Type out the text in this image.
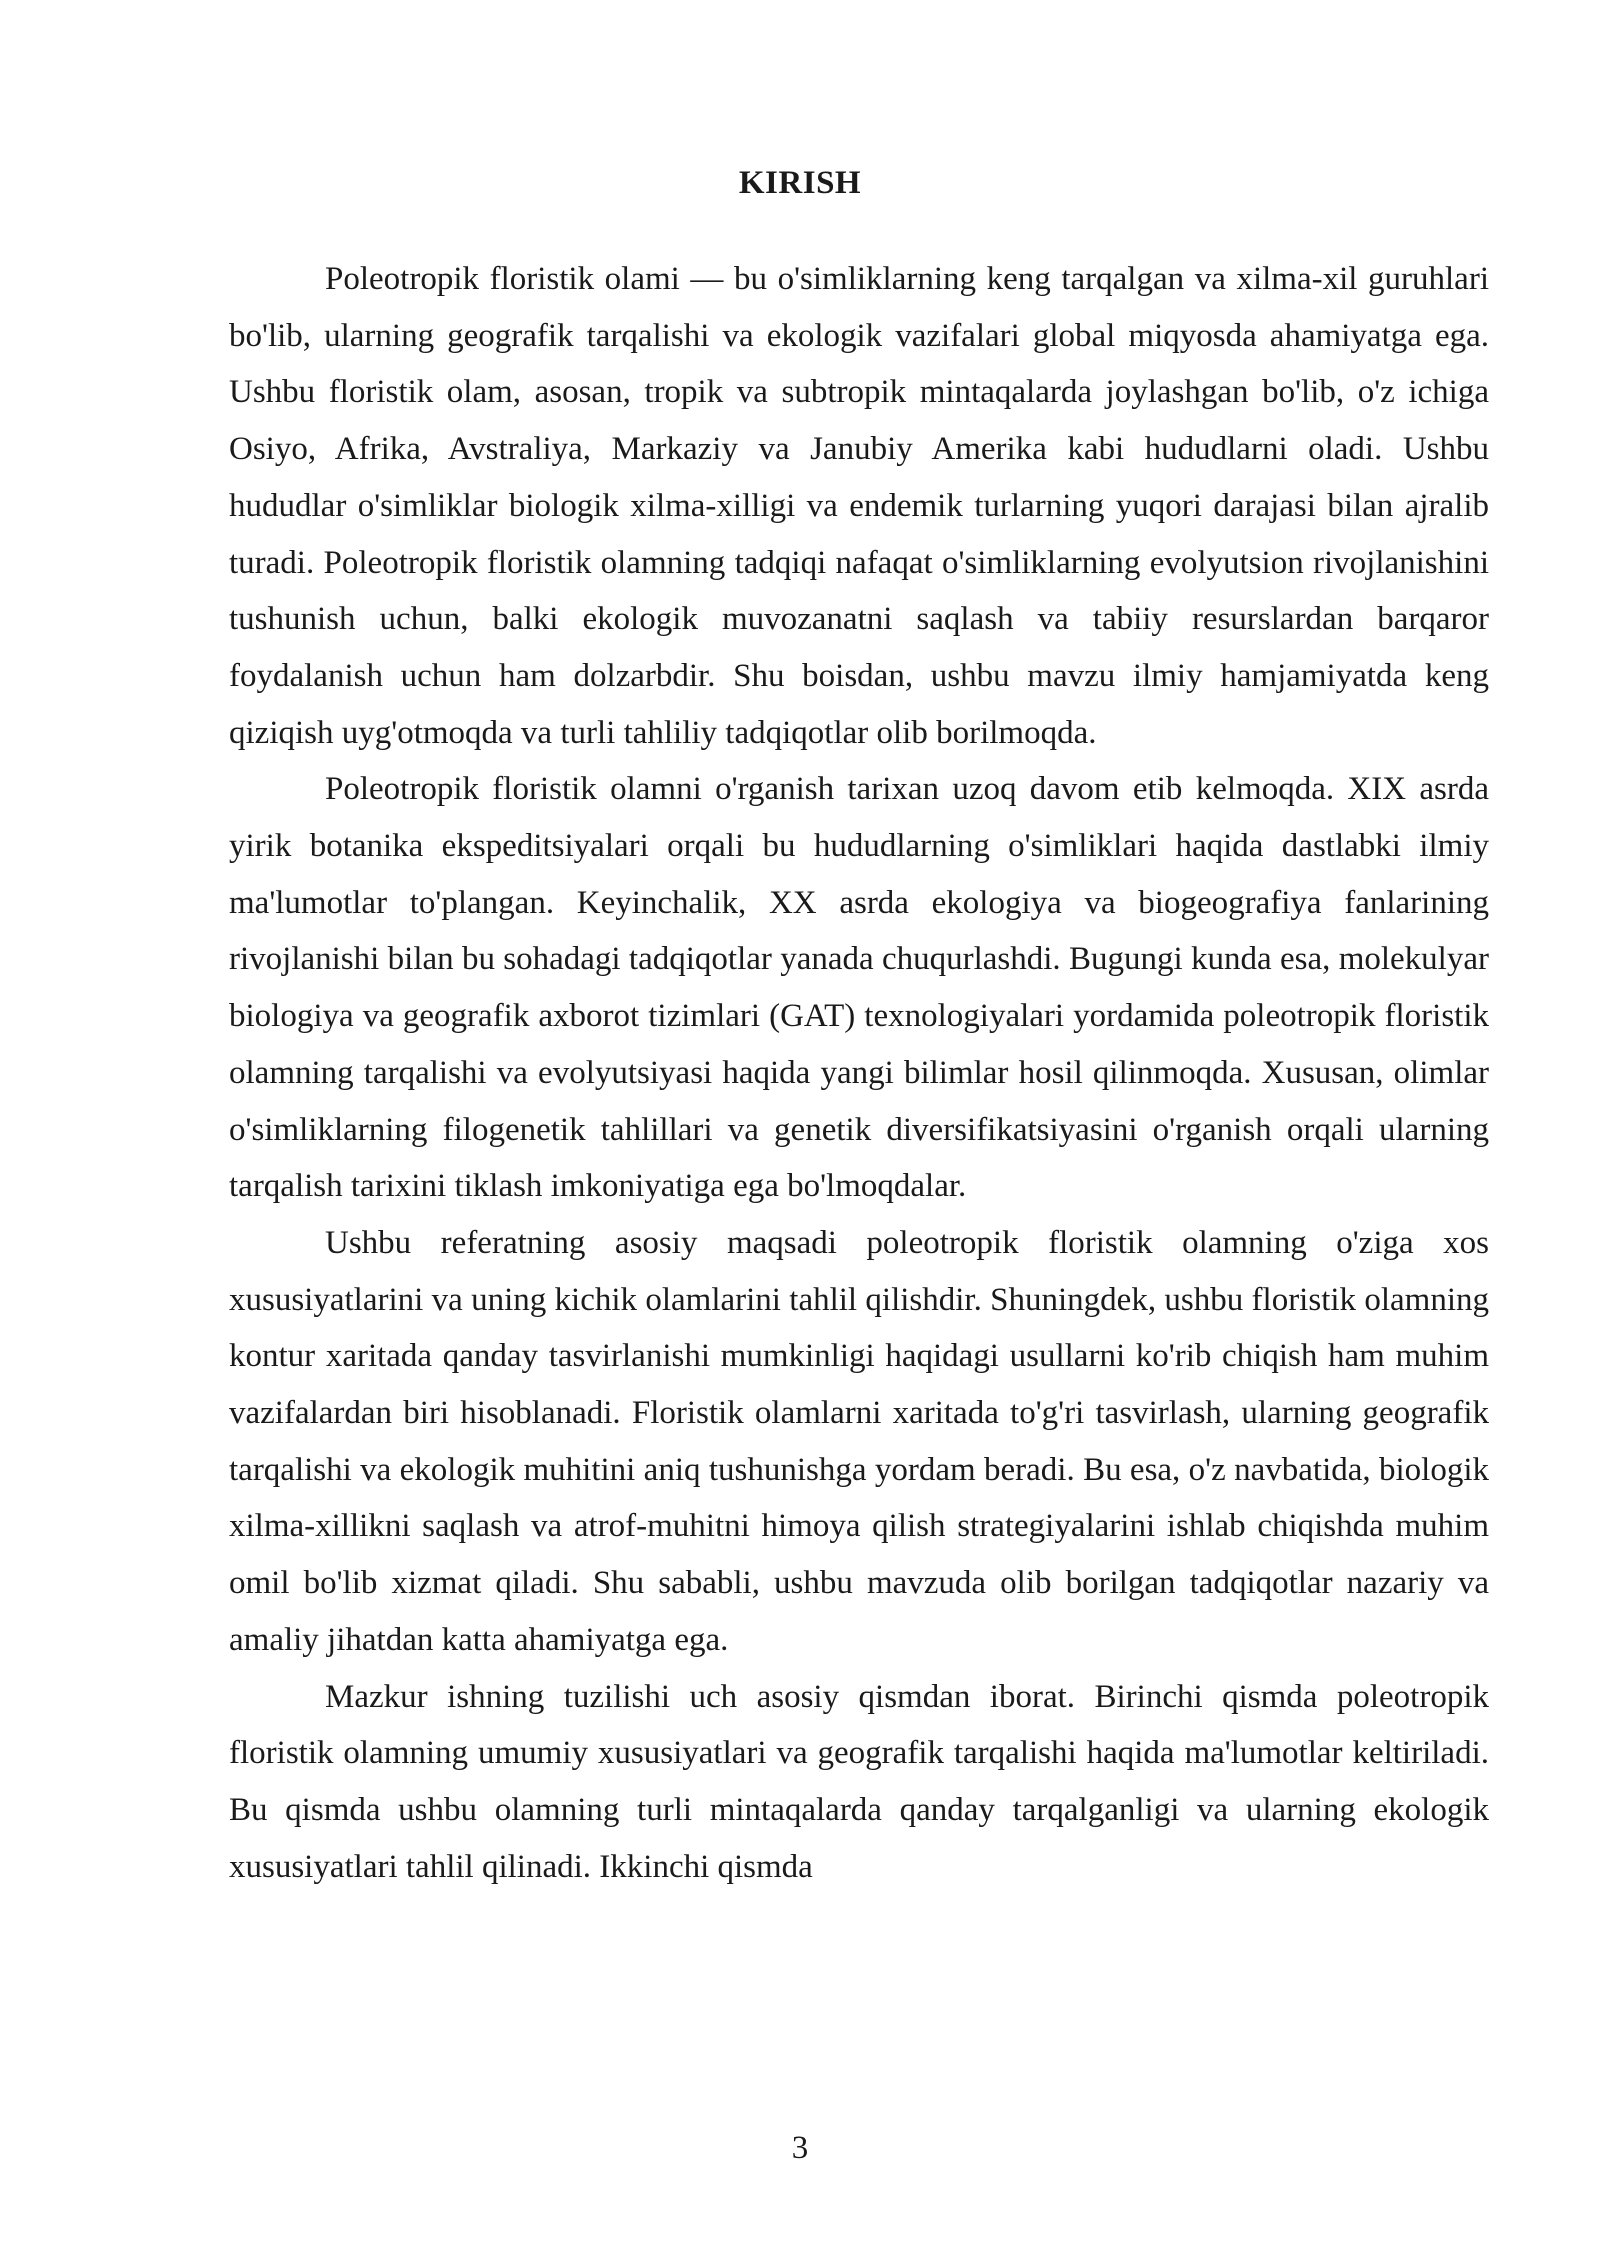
KIRISH

Poleotropik floristik olami — bu o'simliklarning keng tarqalgan va xilma-xil guruhlari bo'lib, ularning geografik tarqalishi va ekologik vazifalari global miqyosda ahamiyatga ega. Ushbu floristik olam, asosan, tropik va subtropik mintaqalarda joylashgan bo'lib, o'z ichiga Osiyo, Afrika, Avstraliya, Markaziy va Janubiy Amerika kabi hududlarni oladi. Ushbu hududlar o'simliklar biologik xilma-xilligi va endemik turlarning yuqori darajasi bilan ajralib turadi. Poleotropik floristik olamning tadqiqi nafaqat o'simliklarning evolyutsion rivojlanishini tushunish uchun, balki ekologik muvozanatni saqlash va tabiiy resurslardan barqaror foydalanish uchun ham dolzarbdir. Shu boisdan, ushbu mavzu ilmiy hamjamiyatda keng qiziqish uyg'otmoqda va turli tahliliy tadqiqotlar olib borilmoqda.

Poleotropik floristik olamni o'rganish tarixan uzoq davom etib kelmoqda. XIX asrda yirik botanika ekspeditsiyalari orqali bu hududlarning o'simliklari haqida dastlabki ilmiy ma'lumotlar to'plangan. Keyinchalik, XX asrda ekologiya va biogeografiya fanlarining rivojlanishi bilan bu sohadagi tadqiqotlar yanada chuqurlashdi. Bugungi kunda esa, molekulyar biologiya va geografik axborot tizimlari (GAT) texnologiyalari yordamida poleotropik floristik olamning tarqalishi va evolyutsiyasi haqida yangi bilimlar hosil qilinmoqda. Xususan, olimlar o'simliklarning filogenetik tahlillari va genetik diversifikatsiyasini o'rganish orqali ularning tarqalish tarixini tiklash imkoniyatiga ega bo'lmoqdalar.

Ushbu referatning asosiy maqsadi poleotropik floristik olamning o'ziga xos xususiyatlarini va uning kichik olamlarini tahlil qilishdir. Shuningdek, ushbu floristik olamning kontur xaritada qanday tasvirlanishi mumkinligi haqidagi usullarni ko'rib chiqish ham muhim vazifalardan biri hisoblanadi. Floristik olamlarni xaritada to'g'ri tasvirlash, ularning geografik tarqalishi va ekologik muhitini aniq tushunishga yordam beradi. Bu esa, o'z navbatida, biologik xilma-xillikni saqlash va atrof-muhitni himoya qilish strategiyalarini ishlab chiqishda muhim omil bo'lib xizmat qiladi. Shu sababli, ushbu mavzuda olib borilgan tadqiqotlar nazariy va amaliy jihatdan katta ahamiyatga ega.

Mazkur ishning tuzilishi uch asosiy qismdan iborat. Birinchi qismda poleotropik floristik olamning umumiy xususiyatlari va geografik tarqalishi haqida ma'lumotlar keltiriladi. Bu qismda ushbu olamning turli mintaqalarda qanday tarqalganligi va ularning ekologik xususiyatlari tahlil qilinadi. Ikkinchi qismda

3
